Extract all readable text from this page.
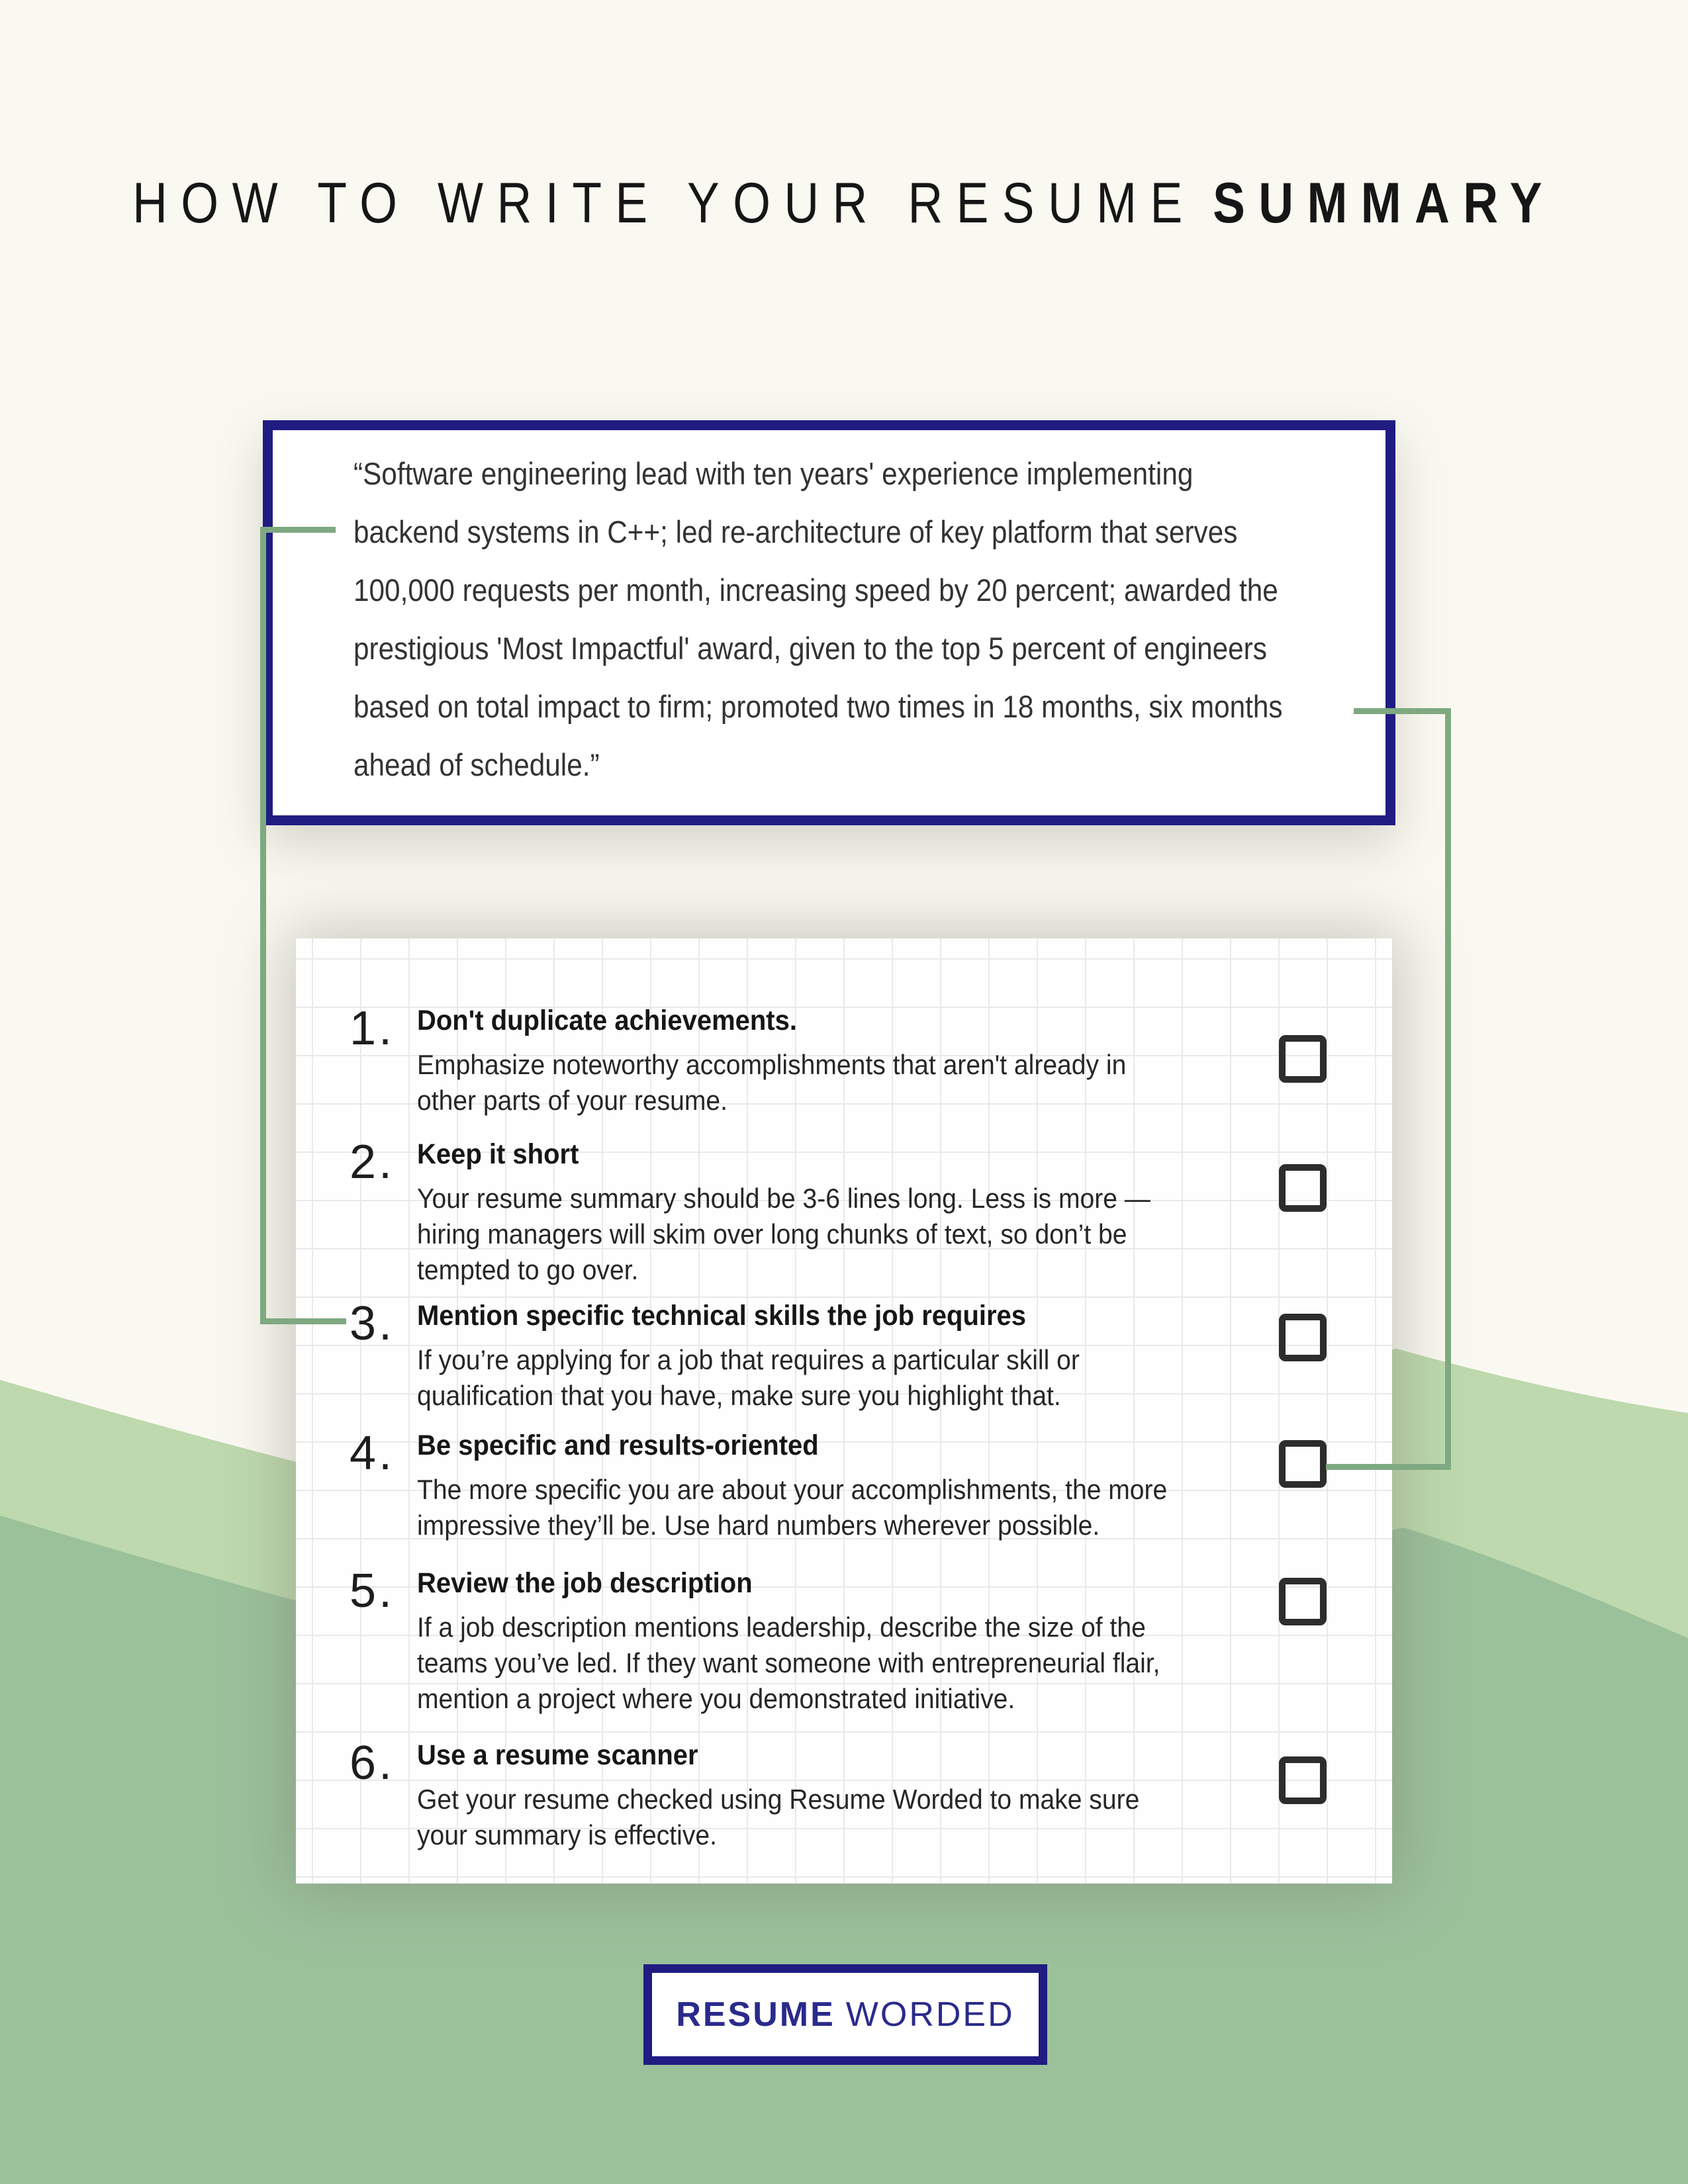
HOW TO WRITE YOUR RESUME SUMMARY
“Software engineering lead with ten years' experience implementing
backend systems in C++; led re-architecture of key platform that serves
100,000 requests per month, increasing speed by 20 percent; awarded the
prestigious 'Most Impactful' award, given to the top 5 percent of engineers
based on total impact to firm; promoted two times in 18 months, six months
ahead of schedule.”
1. Don't duplicate achievements.
Emphasize noteworthy accomplishments that aren't already in
other parts of your resume.
2. Keep it short
Your resume summary should be 3-6 lines long. Less is more —
hiring managers will skim over long chunks of text, so don’t be
tempted to go over.
3. Mention specific technical skills the job requires
If you’re applying for a job that requires a particular skill or
qualification that you have, make sure you highlight that.
4. Be specific and results-oriented
The more specific you are about your accomplishments, the more
impressive they’ll be. Use hard numbers wherever possible.
5. Review the job description
If a job description mentions leadership, describe the size of the
teams you’ve led. If they want someone with entrepreneurial flair,
mention a project where you demonstrated initiative.
6. Use a resume scanner
Get your resume checked using Resume Worded to make sure
your summary is effective.
RESUME WORDED
